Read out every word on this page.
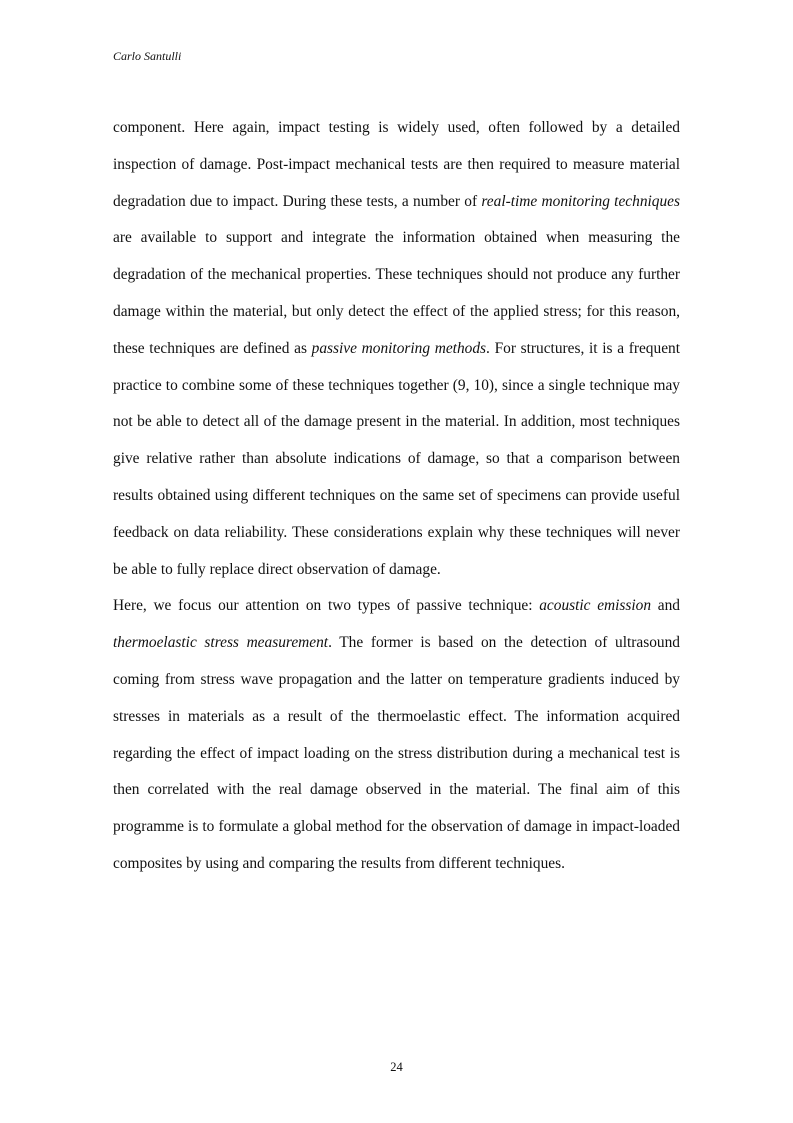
Carlo Santulli

component. Here again, impact testing is widely used, often followed by a detailed inspection of damage. Post-impact mechanical tests are then required to measure material degradation due to impact. During these tests, a number of real-time monitoring techniques are available to support and integrate the information obtained when measuring the degradation of the mechanical properties. These techniques should not produce any further damage within the material, but only detect the effect of the applied stress; for this reason, these techniques are defined as passive monitoring methods. For structures, it is a frequent practice to combine some of these techniques together (9, 10), since a single technique may not be able to detect all of the damage present in the material. In addition, most techniques give relative rather than absolute indications of damage, so that a comparison between results obtained using different techniques on the same set of specimens can provide useful feedback on data reliability. These considerations explain why these techniques will never be able to fully replace direct observation of damage.

Here, we focus our attention on two types of passive technique: acoustic emission and thermoelastic stress measurement. The former is based on the detection of ultrasound coming from stress wave propagation and the latter on temperature gradients induced by stresses in materials as a result of the thermoelastic effect. The information acquired regarding the effect of impact loading on the stress distribution during a mechanical test is then correlated with the real damage observed in the material. The final aim of this programme is to formulate a global method for the observation of damage in impact-loaded composites by using and comparing the results from different techniques.

24
